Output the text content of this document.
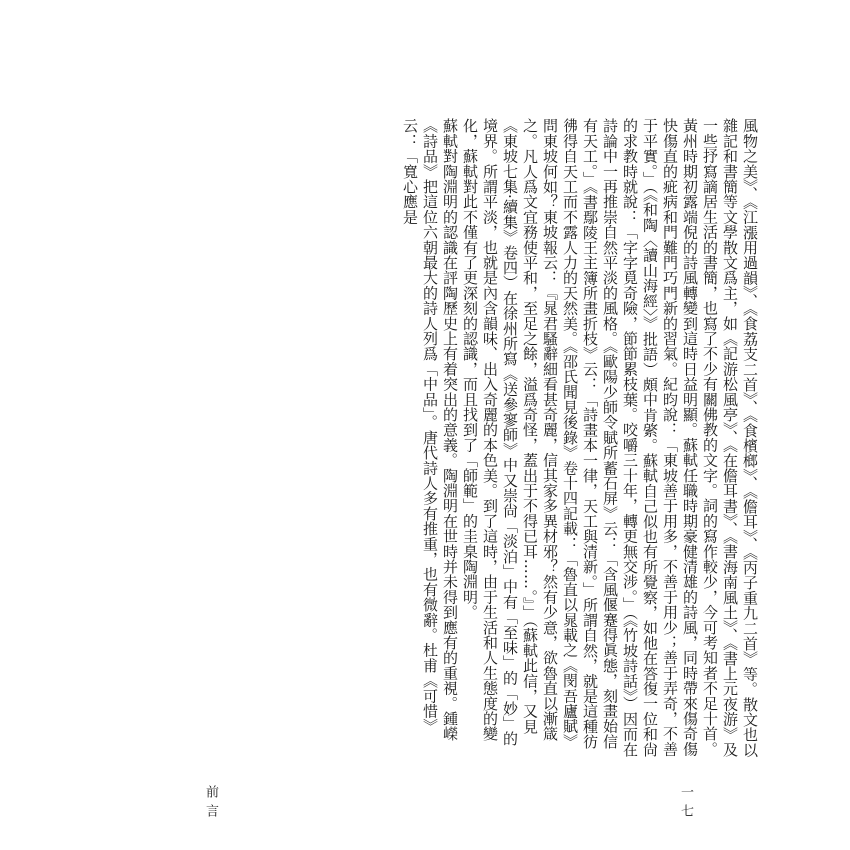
風物之美》、《江漲用過韻》、《食荔支二首》、《食檳榔》、《儋耳》、《丙子重九二首》等。散文也以雜記和書簡等文學散文爲主，如《記游松風亭》、《在儋耳書》、《書海南風土》、《書上元夜游》及一些抒寫謫居生活的書簡，也寫了不少有關佛教的文字。詞的寫作較少，今可考知者不足十首。

黃州時期初露端倪的詩風轉變到這時日益明顯。蘇軾任職時期豪健清雄的詩風，同時帶來傷奇傷快傷直的疵病和門難門巧門新的習氣。紀昀說：「東坡善于用多，不善于用少；善于弄奇，不善于平實。」（《和陶〈讀山海經〉》批語）頗中肯綮。蘇軾自己似也有所覺察，如他在答復一位和尙的求教時就說：「字字覓奇險，節節累枝葉。咬嚼三十年，轉更無交涉。」（《竹坡詩話》）因而在詩論中一再推崇自然平淡的風格。《歐陽少師令賦所蓄石屏》云：「含風偃蹇得眞態，刻畫始信有天工。」《書鄢陵王主簿所畫折枝》云：「詩畫本一律，天工與清新。」所謂自然，就是這種彷彿得自天工而不露人力的天然美。《邵氏聞見後錄》卷十四記載：「魯直以晁載之《閔吾廬賦》問東坡何如？東坡報云：『晁君騷辭細看甚奇麗，信其家多異材邪？然有少意，欲魯直以漸箴之。凡人爲文宜務使平和，至足之餘，溢爲奇怪，蓋出于不得已耳……。』」（蘇軾此信，又見《東坡七集·續集》卷四）在徐州所寫《送參寥師》中又崇尙「淡泊」中有「至味」的「妙」的境界。所謂平淡，也就是內含韻味、出入奇麗的本色美。到了這時，由于生活和人生態度的變化，蘇軾對此不僅有了更深刻的認識，而且找到了「師範」的圭臬陶淵明。

蘇軾對陶淵明的認識在評陶歷史上有着突出的意義。陶淵明在世時并未得到應有的重視。鍾嶸《詩品》把這位六朝最大的詩人列爲「中品」。唐代詩人多有推重，也有微辭。杜甫《可惜》云：「寬心應是

前言	一七
